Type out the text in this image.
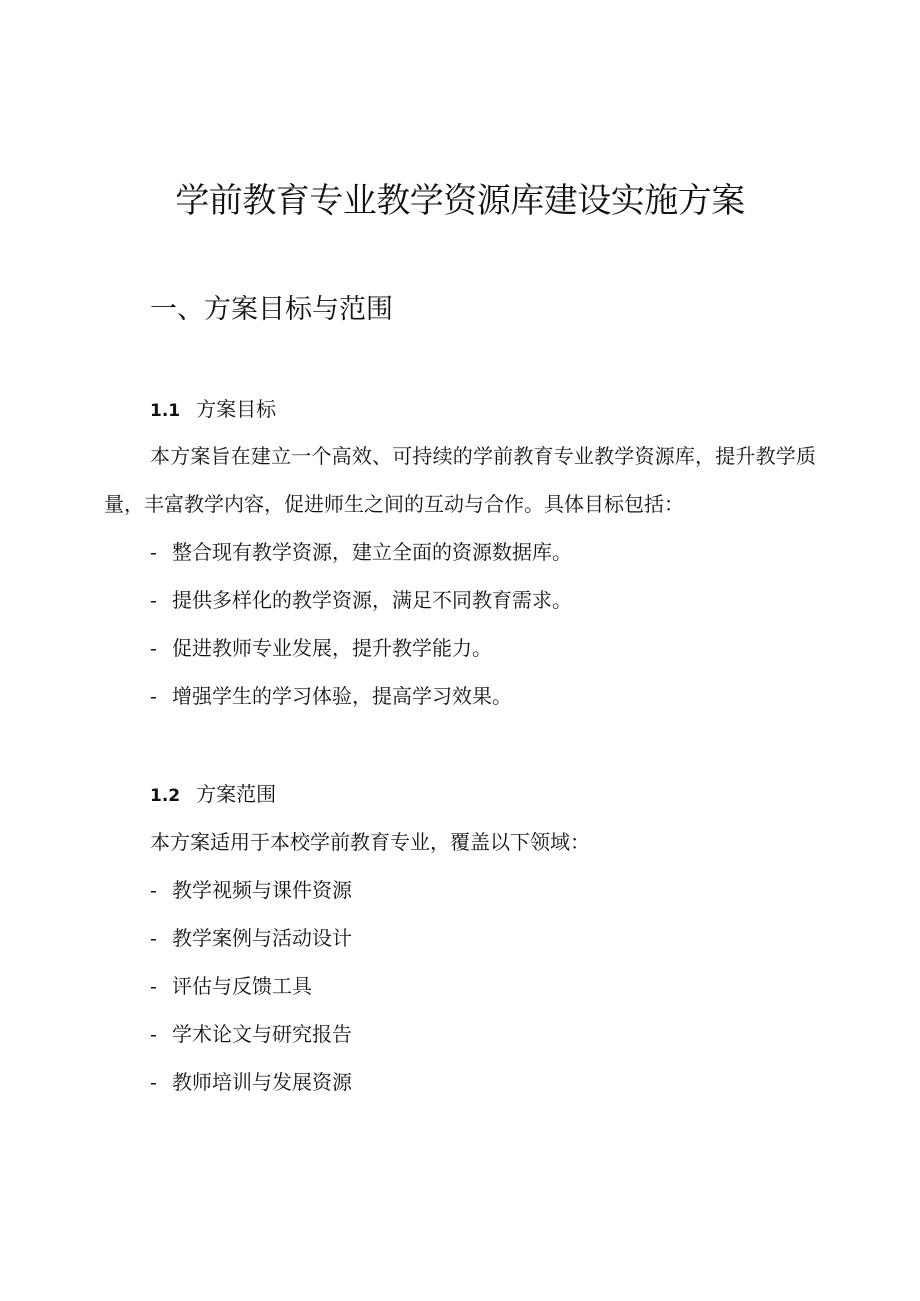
学前教育专业教学资源库建设实施方案
一、方案目标与范围
1.1 方案目标

本方案旨在建立一个高效、可持续的学前教育专业教学资源库，提升教学质量，丰富教学内容，促进师生之间的互动与合作。具体目标包括：

- 整合现有教学资源，建立全面的资源数据库。
- 提供多样化的教学资源，满足不同教育需求。
- 促进教师专业发展，提升教学能力。
- 增强学生的学习体验，提高学习效果。
1.2 方案范围

本方案适用于本校学前教育专业，覆盖以下领域：

- 教学视频与课件资源
- 教学案例与活动设计
- 评估与反馈工具
- 学术论文与研究报告
- 教师培训与发展资源
